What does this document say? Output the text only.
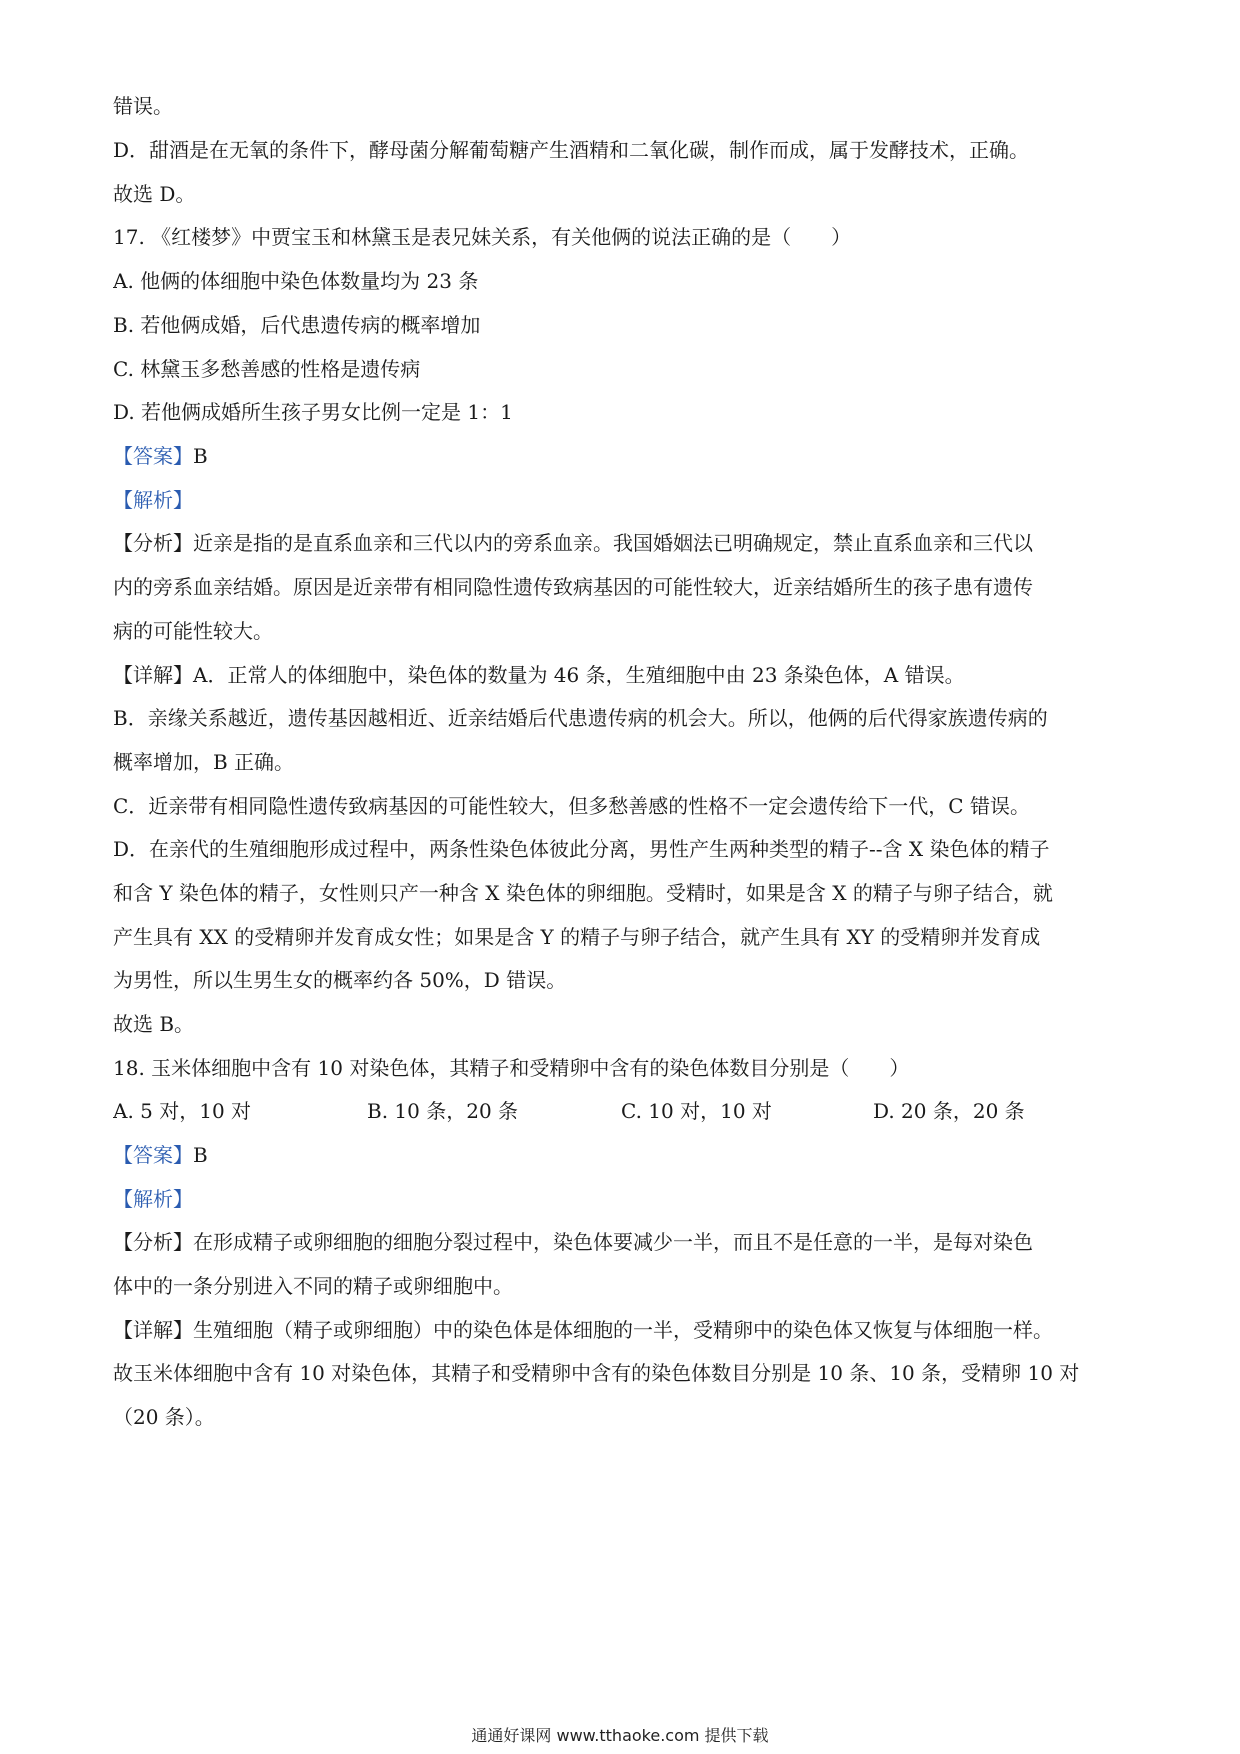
错误。
D．甜酒是在无氧的条件下，酵母菌分解葡萄糖产生酒精和二氧化碳，制作而成，属于发酵技术，正确。
故选 D。
17. 《红楼梦》中贾宝玉和林黛玉是表兄妹关系，有关他俩的说法正确的是（　　）
A. 他俩的体细胞中染色体数量均为 23 条
B. 若他俩成婚，后代患遗传病的概率增加
C. 林黛玉多愁善感的性格是遗传病
D. 若他俩成婚所生孩子男女比例一定是 1：1
【答案】B
【解析】
【分析】近亲是指的是直系血亲和三代以内的旁系血亲。我国婚姻法已明确规定，禁止直系血亲和三代以
内的旁系血亲结婚。原因是近亲带有相同隐性遗传致病基因的可能性较大，近亲结婚所生的孩子患有遗传
病的可能性较大。
【详解】A．正常人的体细胞中，染色体的数量为 46 条，生殖细胞中由 23 条染色体，A 错误。
B．亲缘关系越近，遗传基因越相近、近亲结婚后代患遗传病的机会大。所以，他俩的后代得家族遗传病的
概率增加，B 正确。
C．近亲带有相同隐性遗传致病基因的可能性较大，但多愁善感的性格不一定会遗传给下一代，C 错误。
D．在亲代的生殖细胞形成过程中，两条性染色体彼此分离，男性产生两种类型的精子--含 X 染色体的精子
和含 Y 染色体的精子，女性则只产一种含 X 染色体的卵细胞。受精时，如果是含 X 的精子与卵子结合，就
产生具有 XX 的受精卵并发育成女性；如果是含 Y 的精子与卵子结合，就产生具有 XY 的受精卵并发育成
为男性，所以生男生女的概率约各 50%，D 错误。
故选 B。
18. 玉米体细胞中含有 10 对染色体，其精子和受精卵中含有的染色体数目分别是（　　）
A. 5 对，10 对	B. 10 条，20 条	C. 10 对，10 对	D. 20 条，20 条
【答案】B
【解析】
【分析】在形成精子或卵细胞的细胞分裂过程中，染色体要减少一半，而且不是任意的一半，是每对染色
体中的一条分别进入不同的精子或卵细胞中。
【详解】生殖细胞（精子或卵细胞）中的染色体是体细胞的一半，受精卵中的染色体又恢复与体细胞一样。
故玉米体细胞中含有 10 对染色体，其精子和受精卵中含有的染色体数目分别是 10 条、10 条，受精卵 10 对
（20 条）。
通通好课网 www.tthaoke.com 提供下载
